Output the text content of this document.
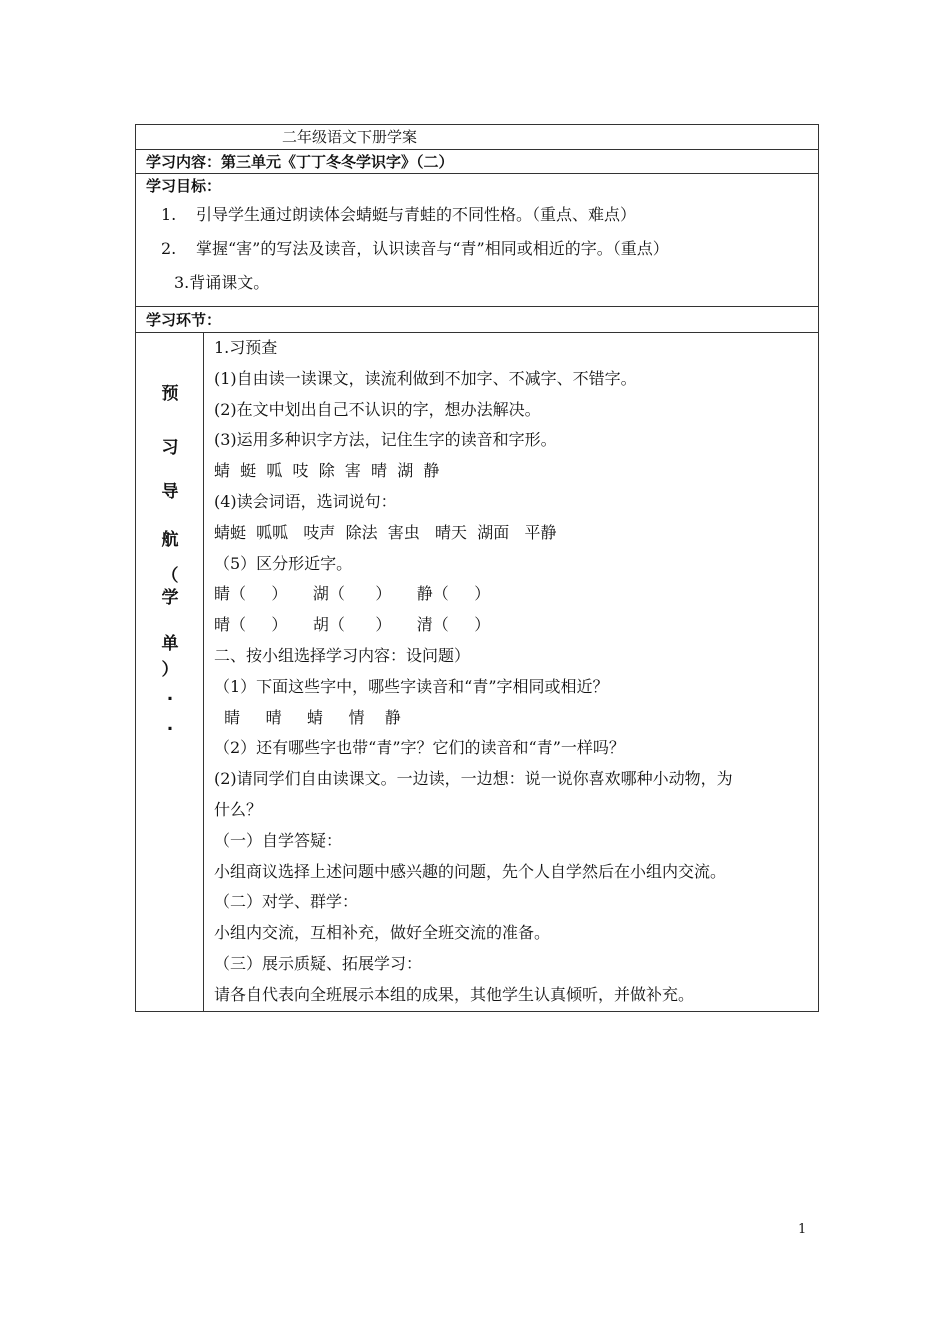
二年级语文下册学案
学习内容：第三单元《丁丁冬冬学识字》（二）
学习目标：
1. 引导学生通过朗读体会蜻蜓与青蛙的不同性格。（重点、难点）
2. 掌握“害”的写法及读音，认识读音与“青”相同或相近的字。（重点）
3.背诵课文。
学习环节：
预
习
导
航
（
学
单
）
.
.
1.习预查
(1)自由读一读课文，读流利做到不加字、不减字、不错字。
(2)在文中划出自己不认识的字，想办法解决。
(3)运用多种识字方法，记住生字的读音和字形。
蜻  蜓  呱  吱  除  害  晴  湖  静
(4)读会词语，选词说句：
蜻蜓  呱呱   吱声  除法  害虫   晴天  湖面   平静
（5）区分形近字。
睛（     ）     湖（      ）     静（     ）
晴（     ）     胡（      ）     清（     ）
二、按小组选择学习内容：设问题）
（1）下面这些字中，哪些字读音和“青”字相同或相近？
睛     晴     蜻     情    静
（2）还有哪些字也带“青”字？它们的读音和“青”一样吗？
(2)请同学们自由读课文。一边读，一边想：说一说你喜欢哪种小动物，为
什么？
（一）自学答疑：
小组商议选择上述问题中感兴趣的问题，先个人自学然后在小组内交流。
（二）对学、群学：
小组内交流，互相补充，做好全班交流的准备。
（三）展示质疑、拓展学习：
请各自代表向全班展示本组的成果，其他学生认真倾听，并做补充。
1
